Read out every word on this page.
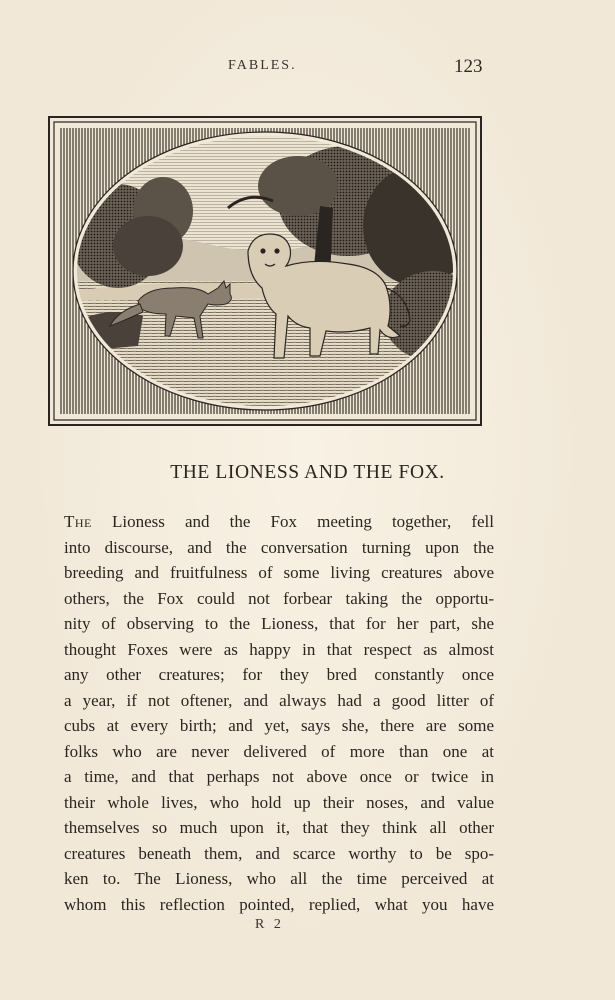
FABLES.	123
THE LIONESS AND THE FOX.
The Lioness and the Fox meeting together, fell
into discourse, and the conversation turning upon the
breeding and fruitfulness of some living creatures above
others, the Fox could not forbear taking the opportu-
nity of observing to the Lioness, that for her part, she
thought Foxes were as happy in that respect as almost
any other creatures; for they bred constantly once
a year, if not oftener, and always had a good litter of
cubs at every birth; and yet, says she, there are some
folks who are never delivered of more than one at
a time, and that perhaps not above once or twice in
their whole lives, who hold up their noses, and value
themselves so much upon it, that they think all other
creatures beneath them, and scarce worthy to be spo-
ken to. The Lioness, who all the time perceived at
whom this reflection pointed, replied, what you have
R 2
